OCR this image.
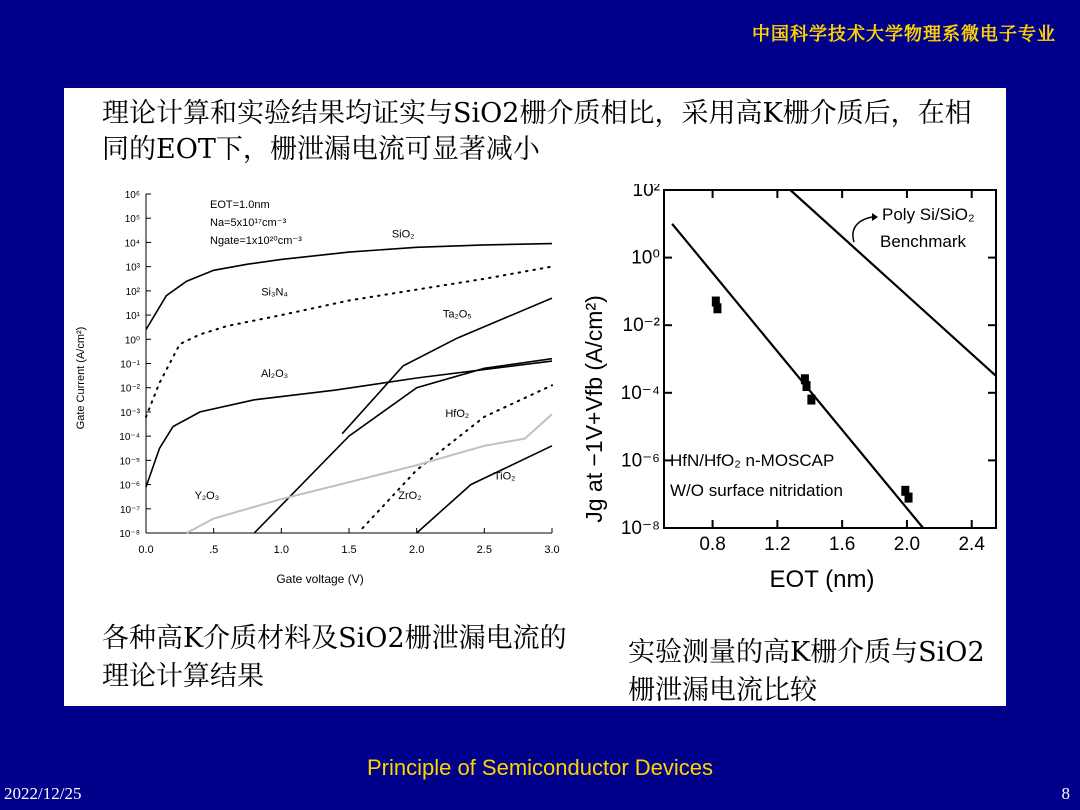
中国科学技术大学物理系微电子专业
理论计算和实验结果均证实与SiO2栅介质相比，采用高K栅介质后，在相同的EOT下，栅泄漏电流可显著减小
10⁶
10⁵
10⁴
10³
10²
10¹
10⁰
10⁻¹
10⁻²
10⁻³
10⁻⁴
10⁻⁵
10⁻⁶
10⁻⁷
10⁻⁸
0.0	.5	1.0	1.5	2.0	2.5	3.0
SiO₂
Si₃N₄
Ta₂O₅
Al₂O₃
HfO₂
ZrO₂
TiO₂
Y₂O₃
EOT=1.0nm
Na=5x10¹⁷cm⁻³
Ngate=1x10²⁰cm⁻³
Gate voltage (V)
Gate Current (A/cm²)
10²
10⁰
10⁻²
10⁻⁴
10⁻⁶
10⁻⁸
0.8 1.2 1.6 2.0 2.4
Poly Si/SiO₂
Benchmark
HfN/HfO₂ n-MOSCAP
W/O surface nitridation
EOT (nm)
Jg at −1V+Vfb (A/cm²)
各种高K介质材料及SiO2栅泄漏电流的理论计算结果
实验测量的高K栅介质与SiO2栅泄漏电流比较
Principle of Semiconductor Devices
2022/12/25	8
